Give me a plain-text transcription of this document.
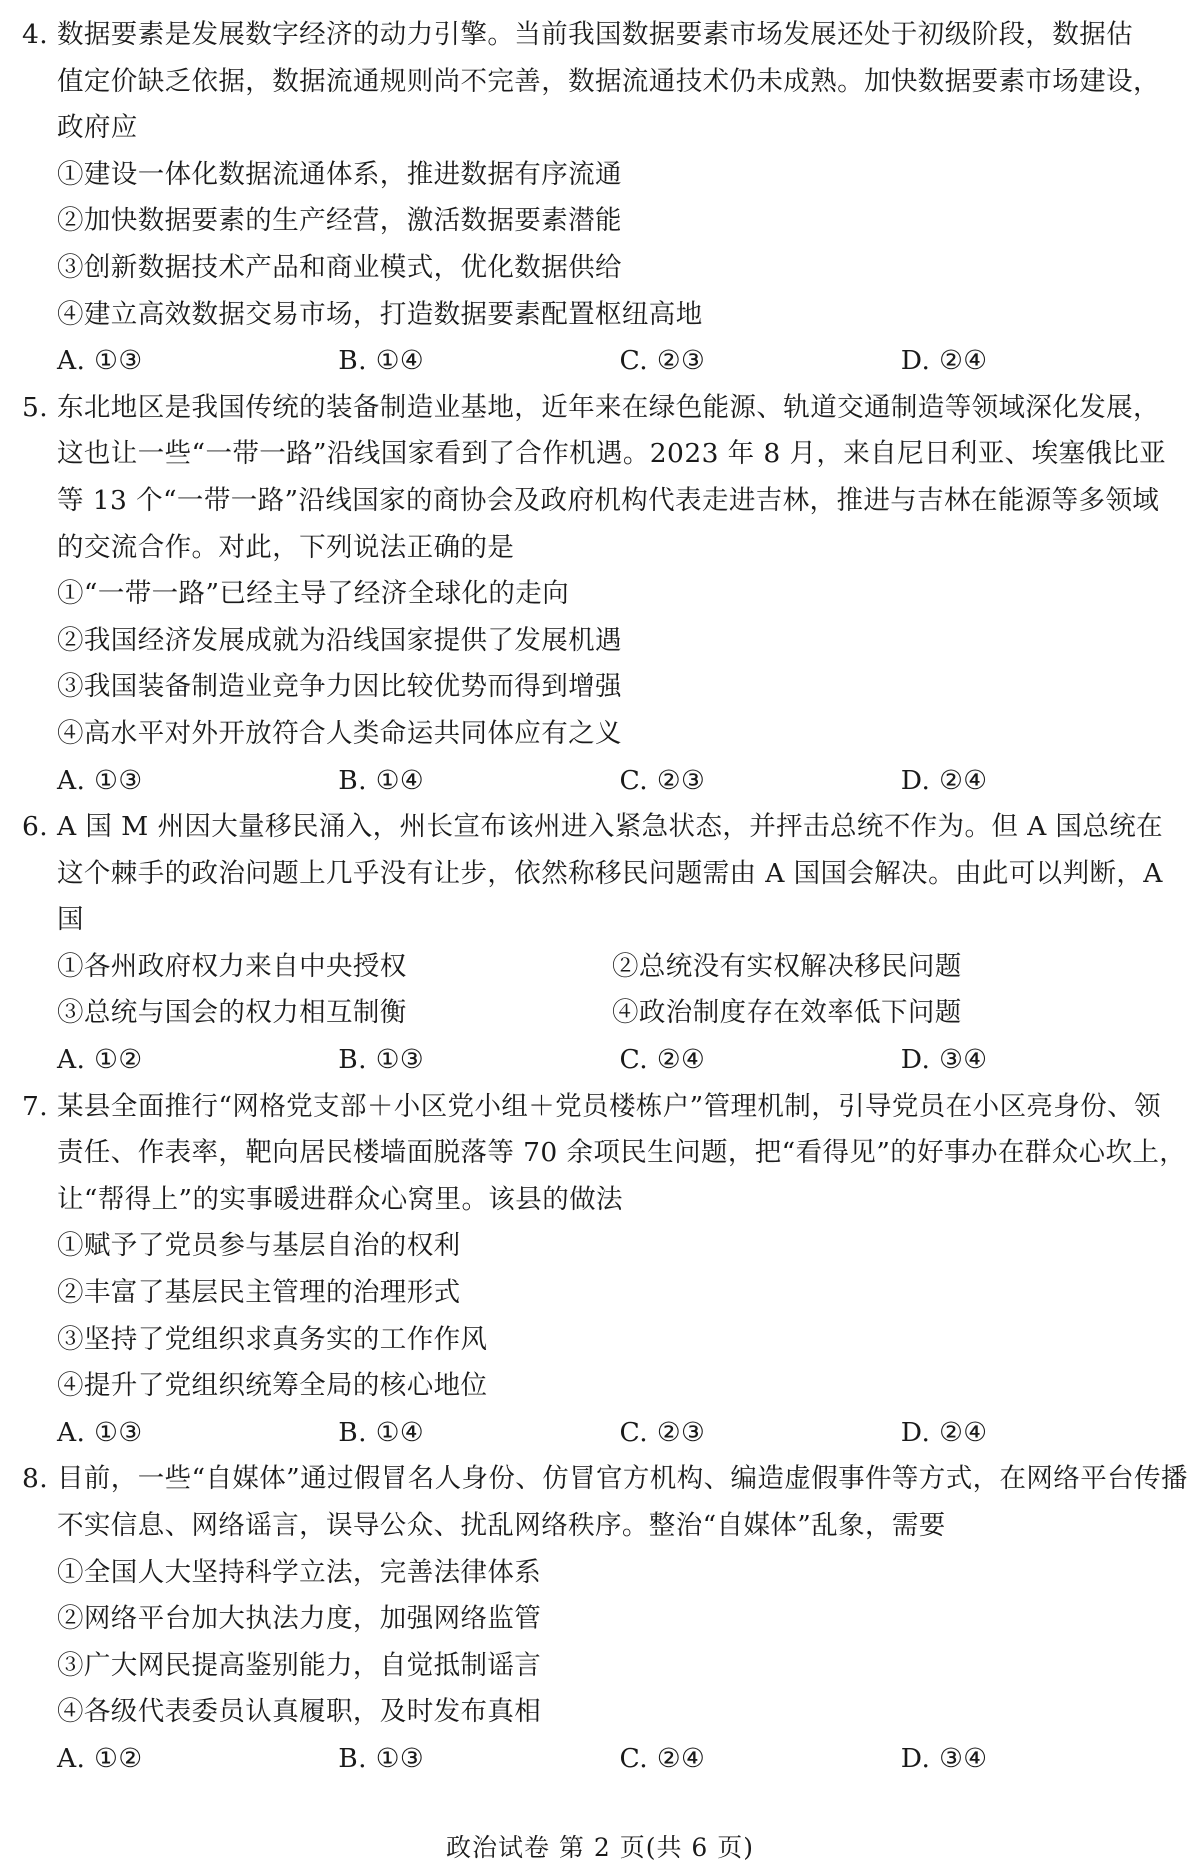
4. 数据要素是发展数字经济的动力引擎。当前我国数据要素市场发展还处于初级阶段，数据估
值定价缺乏依据，数据流通规则尚不完善，数据流通技术仍未成熟。加快数据要素市场建设，
政府应
①建设一体化数据流通体系，推进数据有序流通
②加快数据要素的生产经营，激活数据要素潜能
③创新数据技术产品和商业模式，优化数据供给
④建立高效数据交易市场，打造数据要素配置枢纽高地
A. ①③	B. ①④	C. ②③	D. ②④
5. 东北地区是我国传统的装备制造业基地，近年来在绿色能源、轨道交通制造等领域深化发展，
这也让一些“一带一路”沿线国家看到了合作机遇。2023 年 8 月，来自尼日利亚、埃塞俄比亚
等 13 个“一带一路”沿线国家的商协会及政府机构代表走进吉林，推进与吉林在能源等多领域
的交流合作。对此，下列说法正确的是
①“一带一路”已经主导了经济全球化的走向
②我国经济发展成就为沿线国家提供了发展机遇
③我国装备制造业竞争力因比较优势而得到增强
④高水平对外开放符合人类命运共同体应有之义
A. ①③	B. ①④	C. ②③	D. ②④
6. A 国 M 州因大量移民涌入，州长宣布该州进入紧急状态，并抨击总统不作为。但 A 国总统在
这个棘手的政治问题上几乎没有让步，依然称移民问题需由 A 国国会解决。由此可以判断，A
国
①各州政府权力来自中央授权	②总统没有实权解决移民问题
③总统与国会的权力相互制衡	④政治制度存在效率低下问题
A. ①②	B. ①③	C. ②④	D. ③④
7. 某县全面推行“网格党支部＋小区党小组＋党员楼栋户”管理机制，引导党员在小区亮身份、领
责任、作表率，靶向居民楼墙面脱落等 70 余项民生问题，把“看得见”的好事办在群众心坎上，
让“帮得上”的实事暖进群众心窝里。该县的做法
①赋予了党员参与基层自治的权利
②丰富了基层民主管理的治理形式
③坚持了党组织求真务实的工作作风
④提升了党组织统筹全局的核心地位
A. ①③	B. ①④	C. ②③	D. ②④
8. 目前，一些“自媒体”通过假冒名人身份、仿冒官方机构、编造虚假事件等方式，在网络平台传播
不实信息、网络谣言，误导公众、扰乱网络秩序。整治“自媒体”乱象，需要
①全国人大坚持科学立法，完善法律体系
②网络平台加大执法力度，加强网络监管
③广大网民提高鉴别能力，自觉抵制谣言
④各级代表委员认真履职，及时发布真相
A. ①②	B. ①③	C. ②④	D. ③④
政治试卷 第 2 页(共 6 页)
